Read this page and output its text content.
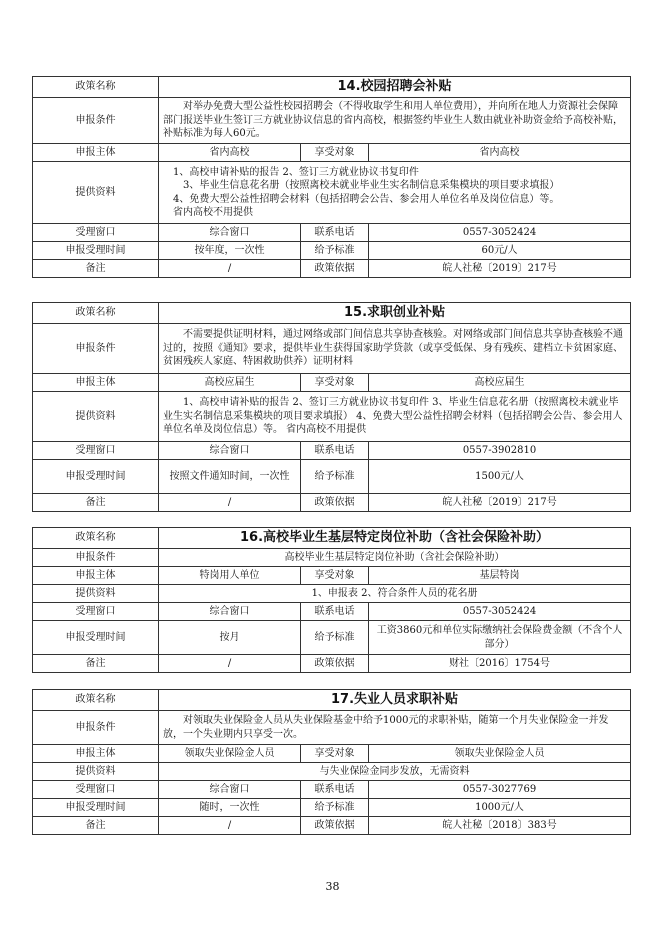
政策名称	14.校园招聘会补贴		
申报条件	对举办免费大型公益性校园招聘会（不得收取学生和用人单位费用），并向所在地人力资源社会保障部门报送毕业生签订三方就业协议信息的省内高校，根据签约毕业生人数由就业补助资金给予高校补贴，补贴标准为每人60元。		
申报主体	省内高校	享受对象	省内高校
提供资料	1、高校申请补贴的报告 2、签订三方就业协议书复印件
3、毕业生信息花名册（按照离校未就业毕业生实名制信息采集模块的项目要求填报）
4、免费大型公益性招聘会材料（包括招聘会公告、参会用人单位名单及岗位信息）等。
省内高校不用提供		

受理窗口	综合窗口	联系电话	0557-3052424
申报受理时间	按年度，一次性	给予标准	60元/人
备注	/	政策依据	皖人社秘〔2019〕217号
政策名称	15.求职创业补贴		
申报条件	不需要提供证明材料，通过网络或部门间信息共享协查核验。对网络或部门间信息共享协查核验不通过的，按照《通知》要求，提供毕业生获得国家助学贷款（或享受低保、身有残疾、建档立卡贫困家庭、贫困残疾人家庭、特困救助供养）证明材料		
申报主体	高校应届生	享受对象	高校应届生
提供资料	1、高校申请补贴的报告 2、签订三方就业协议书复印件 3、毕业生信息花名册（按照离校未就业毕业生实名制信息采集模块的项目要求填报） 4、免费大型公益性招聘会材料（包括招聘会公告、参会用人单位名单及岗位信息）等。 省内高校不用提供		
受理窗口	综合窗口	联系电话	0557-3902810
申报受理时间	按照文件通知时间，一次性	给予标准	1500元/人
备注	/	政策依据	皖人社秘〔2019〕217号
政策名称	16.高校毕业生基层特定岗位补助（含社会保险补助）		
申报条件	高校毕业生基层特定岗位补助（含社会保险补助）		
申报主体	特岗用人单位	享受对象	基层特岗
提供资料	1、申报表 2、符合条件人员的花名册		
受理窗口	综合窗口	联系电话	0557-3052424
申报受理时间	按月	给予标准	工资3860元和单位实际缴纳社会保险费金额（不含个人部分）
备注	/	政策依据	财社〔2016〕1754号
政策名称	17.失业人员求职补贴		
申报条件	对领取失业保险金人员从失业保险基金中给予1000元的求职补贴，随第一个月失业保险金一并发放，一个失业期内只享受一次。		
申报主体	领取失业保险金人员	享受对象	领取失业保险金人员
提供资料	与失业保险金同步发放，无需资料		
受理窗口	综合窗口	联系电话	0557-3027769
申报受理时间	随时，一次性	给予标准	1000元/人
备注	/	政策依据	皖人社秘〔2018〕383号
38
